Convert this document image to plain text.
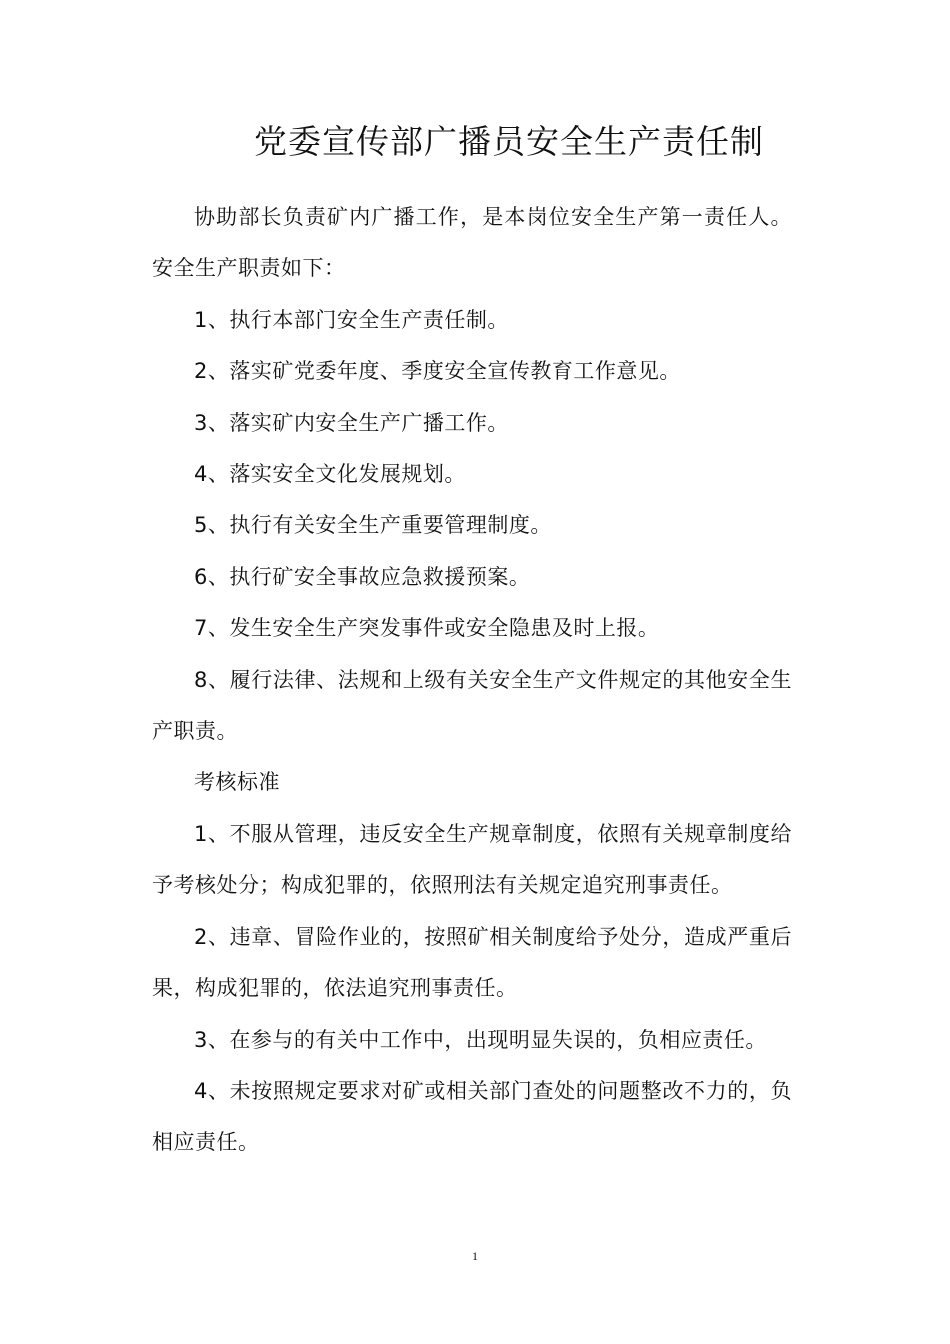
党委宣传部广播员安全生产责任制

协助部长负责矿内广播工作，是本岗位安全生产第一责任人。安全生产职责如下：

1、执行本部门安全生产责任制。

2、落实矿党委年度、季度安全宣传教育工作意见。

3、落实矿内安全生产广播工作。

4、落实安全文化发展规划。

5、执行有关安全生产重要管理制度。

6、执行矿安全事故应急救援预案。

7、发生安全生产突发事件或安全隐患及时上报。

8、履行法律、法规和上级有关安全生产文件规定的其他安全生产职责。

考核标准

1、不服从管理，违反安全生产规章制度，依照有关规章制度给予考核处分；构成犯罪的，依照刑法有关规定追究刑事责任。

2、违章、冒险作业的，按照矿相关制度给予处分，造成严重后果，构成犯罪的，依法追究刑事责任。

3、在参与的有关中工作中，出现明显失误的，负相应责任。

4、未按照规定要求对矿或相关部门查处的问题整改不力的，负相应责任。

1
